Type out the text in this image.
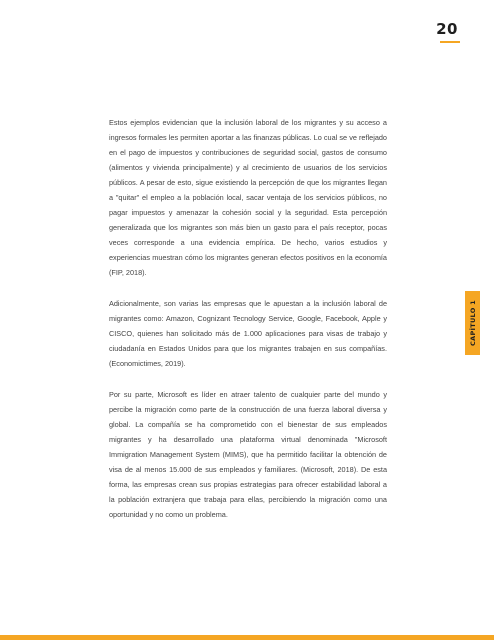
20

Estos ejemplos evidencian que la inclusión laboral de los migrantes y su acceso a ingresos formales les permiten aportar a las finanzas públicas. Lo cual se ve reflejado en el pago de impuestos y contribuciones de seguridad social, gastos de consumo (alimentos y vivienda principalmente) y al crecimiento de usuarios de los servicios públicos. A pesar de esto, sigue existiendo la percepción de que los migrantes llegan a "quitar" el empleo a la población local, sacar ventaja de los servicios públicos, no pagar impuestos y amenazar la cohesión social y la seguridad. Esta percepción generalizada que los migrantes son más bien un gasto para el país receptor, pocas veces corresponde a una evidencia empírica. De hecho, varios estudios y experiencias muestran cómo los migrantes generan efectos positivos en la economía (FIP, 2018).

Adicionalmente, son varias las empresas que le apuestan a la inclusión laboral de migrantes como: Amazon, Cognizant Tecnology Service, Google, Facebook, Apple y CISCO, quienes han solicitado más de 1.000 aplicaciones para visas de trabajo y ciudadanía en Estados Unidos para que los migrantes trabajen en sus compañías. (Economictimes, 2019).

Por su parte, Microsoft es líder en atraer talento de cualquier parte del mundo y percibe la migración como parte de la construcción de una fuerza laboral diversa y global. La compañía se ha comprometido con el bienestar de sus empleados migrantes y ha desarrollado una plataforma virtual denominada "Microsoft Immigration Management System (MIMS), que ha permitido facilitar la obtención de visa de al menos 15.000 de sus empleados y familiares. (Microsoft, 2018). De esta forma, las empresas crean sus propias estrategias para ofrecer estabilidad laboral a la población extranjera que trabaja para ellas, percibiendo la migración como una oportunidad y no como un problema.

CAPÍTULO 1
